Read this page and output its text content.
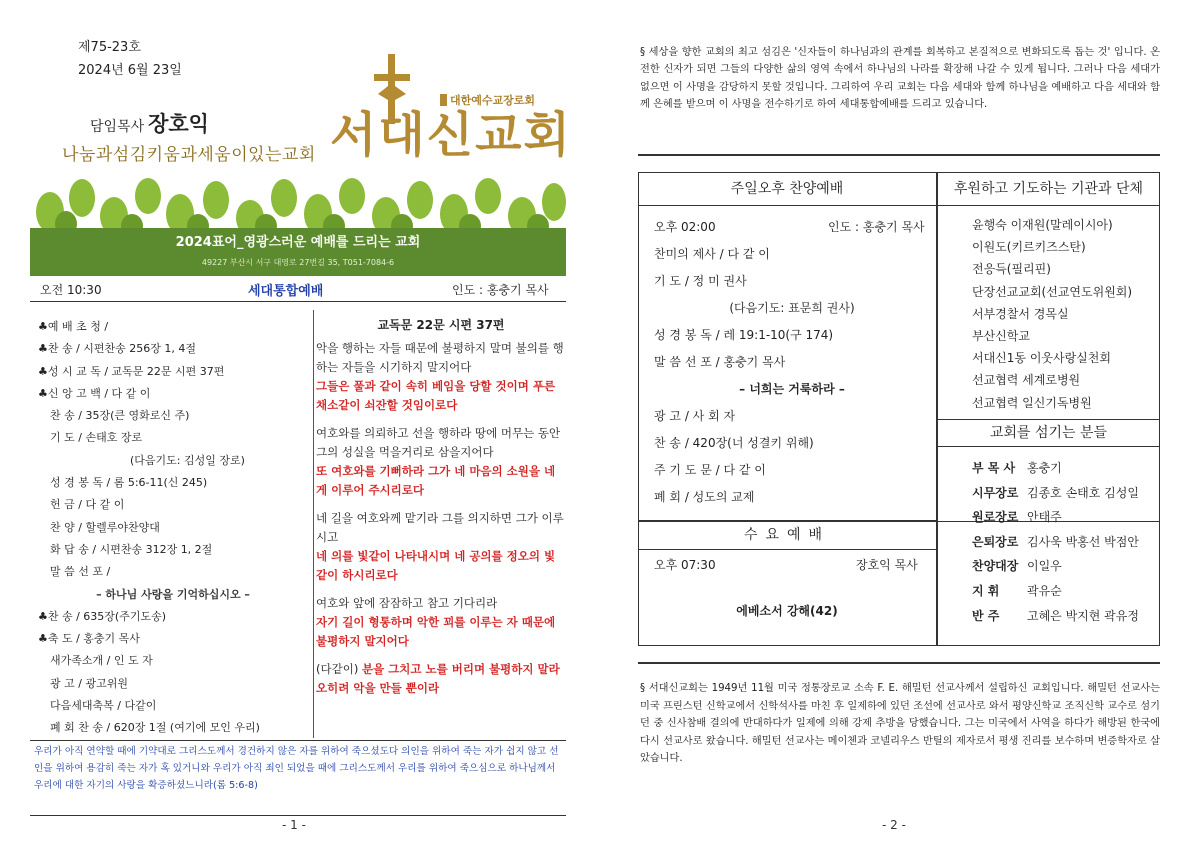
제75-23호
2024년 6월 23일
담임목사 장호익
나눔과섬김키움과세움이있는교회
대한예수교장로회
서대신교회
2024표어_영광스러운 예배를 드리는 교회
49227 부산시 서구 대영로 27번길 35, T051-7084-6
오전 10:30	세대통합예배	인도 : 홍충기 목사
♣예 배 초 청 /
♣찬 송 / 시편찬송 256장 1, 4절
♣성 시 교 독 / 교독문 22문 시편 37편
♣신 앙 고 백 / 다 같 이
찬 송 / 35장(큰 영화로신 주)
기 도 / 손태호 장로
(다음기도: 김성일 장로)
성 경 봉 독 / 롬 5:6-11(신 245)
헌 금 / 다 같 이
찬 양 / 할렐루야찬양대
화 답 송 / 시편찬송 312장 1, 2절
말 씀 선 포 /
– 하나님 사랑을 기억하십시오 –
♣찬 송 / 635장(주기도송)
♣축 도 / 홍충기 목사
새가족소개 / 인 도 자
광 고 / 광고위원
다음세대축복 / 다같이
폐 회 찬 송 / 620장 1절 (여기에 모인 우리)
교독문 22문 시편 37편
악을 행하는 자들 때문에 불평하지 말며 불의를 행하는 자들을 시기하지 말지어다
그들은 풀과 같이 속히 베임을 당할 것이며 푸른 채소같이 쇠잔할 것임이로다
여호와를 의뢰하고 선을 행하라 땅에 머무는 동안 그의 성실을 먹을거리로 삼을지어다
또 여호와를 기뻐하라 그가 네 마음의 소원을 네게 이루어 주시리로다
네 길을 여호와께 맡기라 그를 의지하면 그가 이루시고
네 의를 빛같이 나타내시며 네 공의를 정오의 빛같이 하시리로다
여호와 앞에 잠잠하고 참고 기다리라
자기 길이 형통하며 악한 꾀를 이루는 자 때문에 불평하지 말지어다
(다같이) 분을 그치고 노를 버리며 불평하지 말라 오히려 악을 만들 뿐이라
우리가 아직 연약할 때에 기약대로 그리스도께서 경건하지 않은 자를 위하여 죽으셨도다 의인을 위하여 죽는 자가 쉽지 않고 선인을 위하여 용감히 죽는 자가 혹 있거니와 우리가 아직 죄인 되었을 때에 그리스도께서 우리를 위하여 죽으심으로 하나님께서 우리에 대한 자기의 사랑을 확증하셨느니라(롬 5:6-8)
- 1 -
§ 세상을 향한 교회의 최고 섬김은 '신자들이 하나님과의 관계를 회복하고 본질적으로 변화되도록 돕는 것' 입니다. 온전한 신자가 되면 그들의 다양한 삶의 영역 속에서 하나님의 나라를 확장해 나갈 수 있게 됩니다. 그러나 다음 세대가 없으면 이 사명을 감당하지 못할 것입니다. 그리하여 우리 교회는 다음 세대와 함께 하나님을 예배하고 다음 세대와 함께 은혜를 받으며 이 사명을 전수하기로 하여 세대통합예배를 드리고 있습니다.
주일오후 찬양예배	후원하고 기도하는 기관과 단체
오후 02:00	인도 : 홍충기 목사
찬미의 제사 / 다 같 이
기 도 / 정 미 권사
(다음기도: 표문희 권사)
성 경 봉 독 / 레 19:1-10(구 174)
말 씀 선 포 / 홍충기 목사
– 너희는 거룩하라 –
광 고 / 사 회 자
찬 송 / 420장(너 성결키 위해)
주 기 도 문 / 다 같 이
폐 회 / 성도의 교제
윤행숙 이재원(말레이시아)
이원도(키르키즈스탄)
전응득(필리핀)
단장선교교회(선교연도위원회)
서부경찰서 경목실
부산신학교
서대신1동 이웃사랑실천회
선교협력 세계로병원
선교협력 일신기독병원
교회를 섬기는 분들
부 목 사 홍충기
시무장로 김종호 손태호 김성일
원로장로 안태주
은퇴장로 김사욱 박홍선 박점안
찬양대장 이일우
지 휘 곽유순
반 주 고혜은 박지현 곽유정
수요예배
오후 07:30	장호익 목사
에베소서 강해(42)
§ 서대신교회는 1949년 11월 미국 정통장로교 소속 F. E. 해밀턴 선교사께서 설립하신 교회입니다. 해밀턴 선교사는 미국 프린스턴 신학교에서 신학석사를 마친 후 일제하에 있던 조선에 선교사로 와서 평양신학교 조직신학 교수로 섬기던 중 신사참배 결의에 반대하다가 일제에 의해 강제 추방을 당했습니다. 그는 미국에서 사역을 하다가 해방된 한국에 다시 선교사로 왔습니다. 해밀턴 선교사는 메이첸과 코넬리우스 반틸의 제자로서 평생 진리를 보수하며 변증학자로 살았습니다.
- 2 -
